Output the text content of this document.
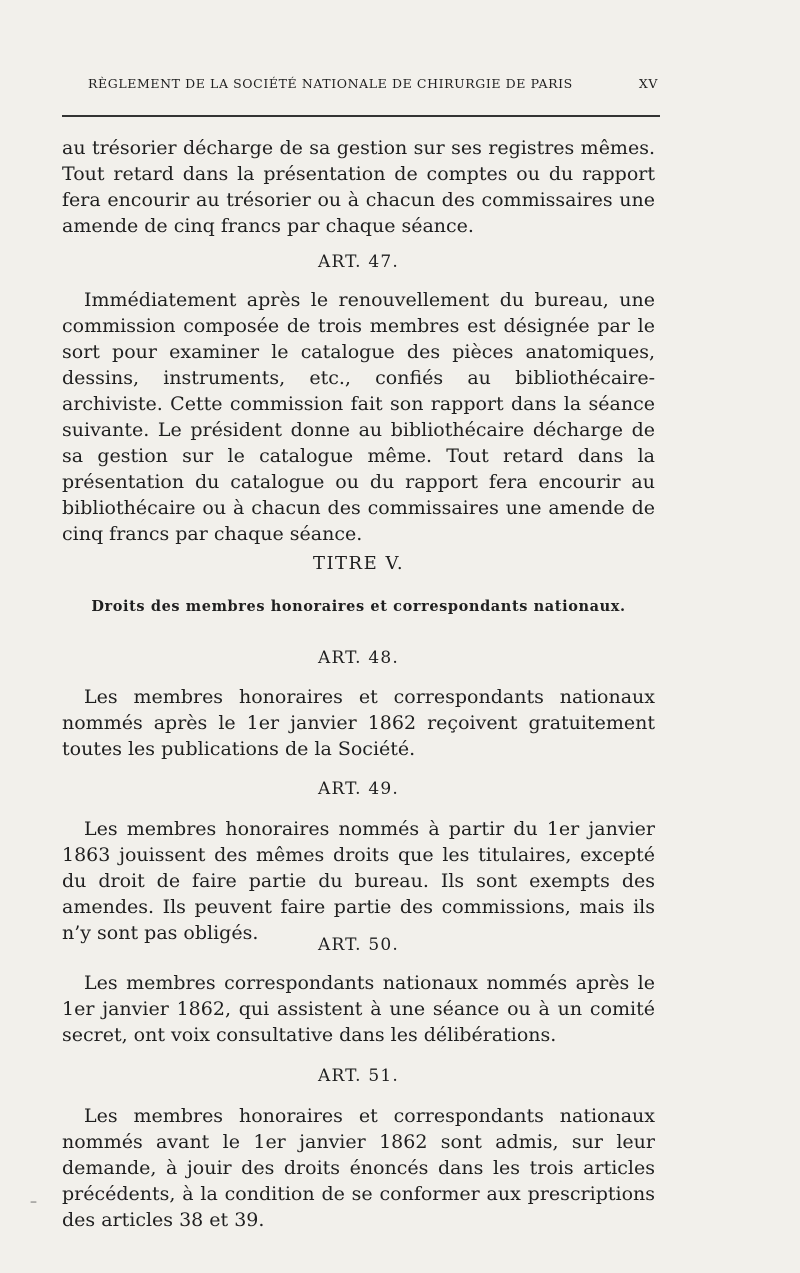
RÈGLEMENT DE LA SOCIÉTÉ NATIONALE DE CHIRURGIE DE PARIS	XV

au trésorier décharge de sa gestion sur ses registres mêmes. Tout retard dans la présentation de comptes ou du rapport fera encourir au trésorier ou à chacun des commissaires une amende de cinq francs par chaque séance.

ART. 47.

Immédiatement après le renouvellement du bureau, une commission composée de trois membres est désignée par le sort pour examiner le catalogue des pièces anatomiques, dessins, instruments, etc., confiés au bibliothécaire-archiviste. Cette commission fait son rapport dans la séance suivante. Le président donne au bibliothécaire décharge de sa gestion sur le catalogue même. Tout retard dans la présentation du catalogue ou du rapport fera encourir au bibliothécaire ou à chacun des commissaires une amende de cinq francs par chaque séance.

TITRE V.

Droits des membres honoraires et correspondants nationaux.

ART. 48.

Les membres honoraires et correspondants nationaux nommés après le 1er janvier 1862 reçoivent gratuitement toutes les publications de la Société.

ART. 49.

Les membres honoraires nommés à partir du 1er janvier 1863 jouissent des mêmes droits que les titulaires, excepté du droit de faire partie du bureau. Ils sont exempts des amendes. Ils peuvent faire partie des commissions, mais ils n’y sont pas obligés.

ART. 50.

Les membres correspondants nationaux nommés après le 1er janvier 1862, qui assistent à une séance ou à un comité secret, ont voix consultative dans les délibérations.

ART. 51.

Les membres honoraires et correspondants nationaux nommés avant le 1er janvier 1862 sont admis, sur leur demande, à jouir des droits énoncés dans les trois articles précédents, à la condition de se conformer aux prescriptions des articles 38 et 39.

–
